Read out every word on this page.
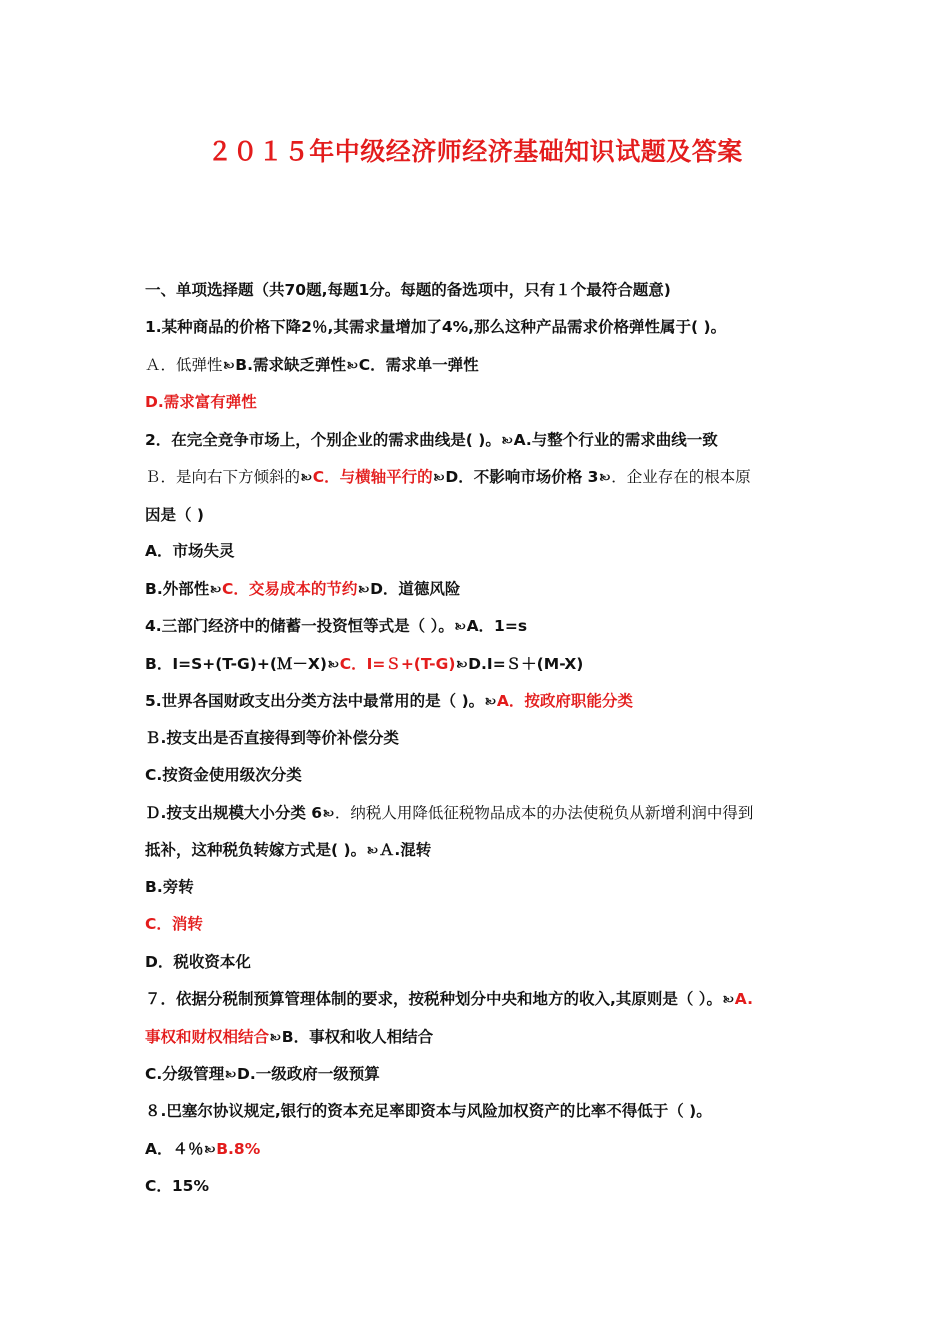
２０１５年中级经济师经济基础知识试题及答案
一、单项选择题（共70题,每题1分。每题的备选项中，只有１个最符合题意)
1.某种商品的价格下降2％,其需求量增加了4%,那么这种产品需求价格弹性属于( )。
Ａ．低弹性🙠B.需求缺乏弹性🙠C．需求单一弹性
D.需求富有弹性
2．在完全竞争市场上，个别企业的需求曲线是( )。🙠A.与整个行业的需求曲线一致
Ｂ．是向右下方倾斜的🙠C．与横轴平行的🙠D．不影响市场价格 3🙠．企业存在的根本原
因是（ )
A．市场失灵
B.外部性🙠C．交易成本的节约🙠D．道德风险
4.三部门经济中的储蓄一投资恒等式是（ ）。🙠A．1=s
B．I=S+(T-G)+(Ｍ－X)🙠C．I=Ｓ+(T-G)🙠D.I=Ｓ＋(M-X)
5.世界各国财政支出分类方法中最常用的是（ )。🙠A．按政府职能分类
Ｂ.按支出是否直接得到等价补偿分类
C.按资金使用级次分类
Ｄ.按支出规模大小分类 6🙠．纳税人用降低征税物品成本的办法使税负从新增利润中得到
抵补，这种税负转嫁方式是( )。🙠Ａ.混转
B.旁转
C．消转
D．税收资本化
７．依据分税制预算管理体制的要求，按税种划分中央和地方的收入,其原则是（ ）。🙠A.
事权和财权相结合🙠B．事权和收人相结合
C.分级管理🙠D.一级政府一级预算
８.巴塞尔协议规定,银行的资本充足率即资本与风险加权资产的比率不得低于（ )。
A．４％🙠B.8%
C．15%
